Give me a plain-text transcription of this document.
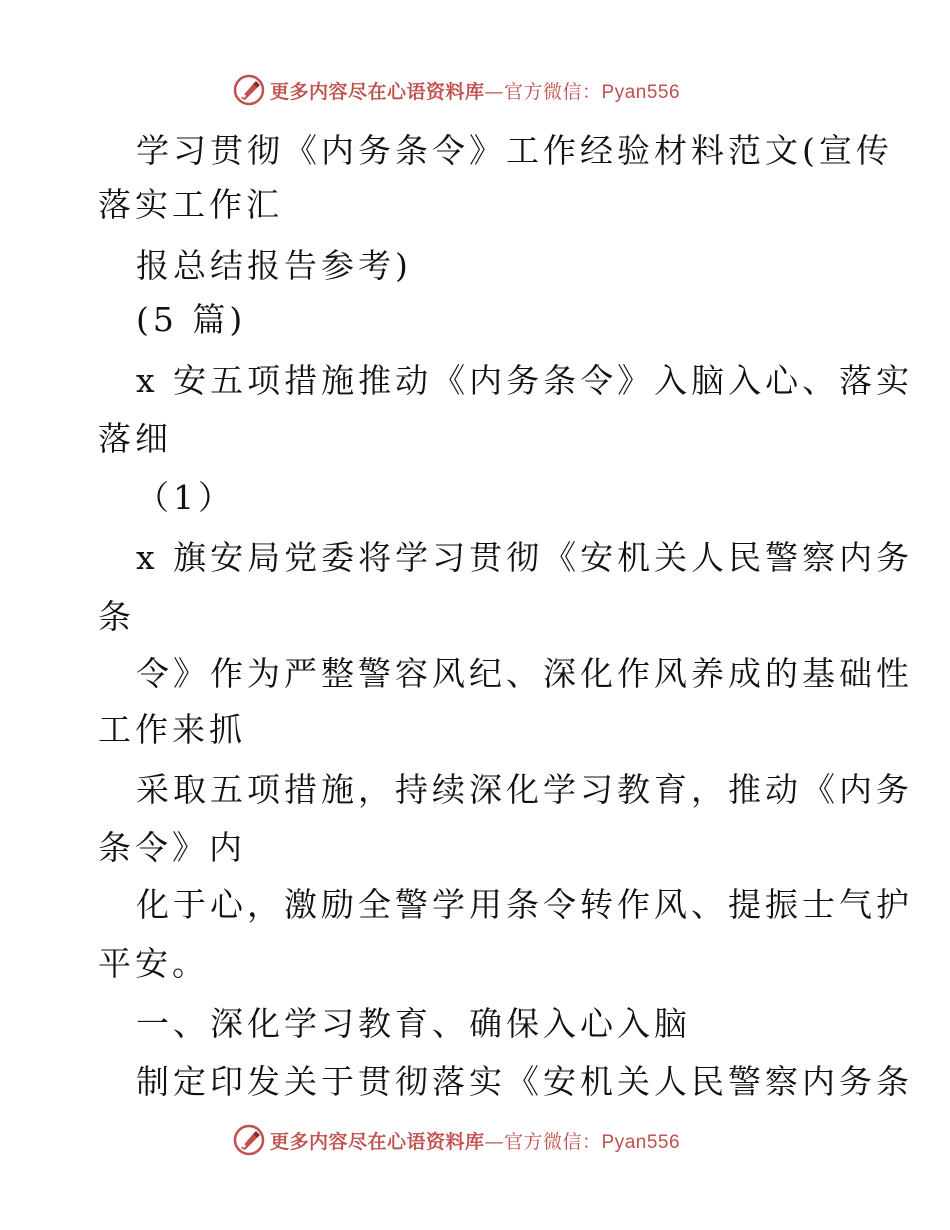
更多内容尽在心语资料库—官方微信：Pyan556
学习贯彻《内务条令》工作经验材料范文(宣传
落实工作汇
报总结报告参考)
(5 篇)
x 安五项措施推动《内务条令》入脑入心、落实
落细
（1）
x 旗安局党委将学习贯彻《安机关人民警察内务
条
令》作为严整警容风纪、深化作风养成的基础性
工作来抓
采取五项措施，持续深化学习教育，推动《内务
条令》内
化于心，激励全警学用条令转作风、提振士气护
平安。
一、深化学习教育、确保入心入脑
制定印发关于贯彻落实《安机关人民警察内务条
更多内容尽在心语资料库—官方微信：Pyan556
